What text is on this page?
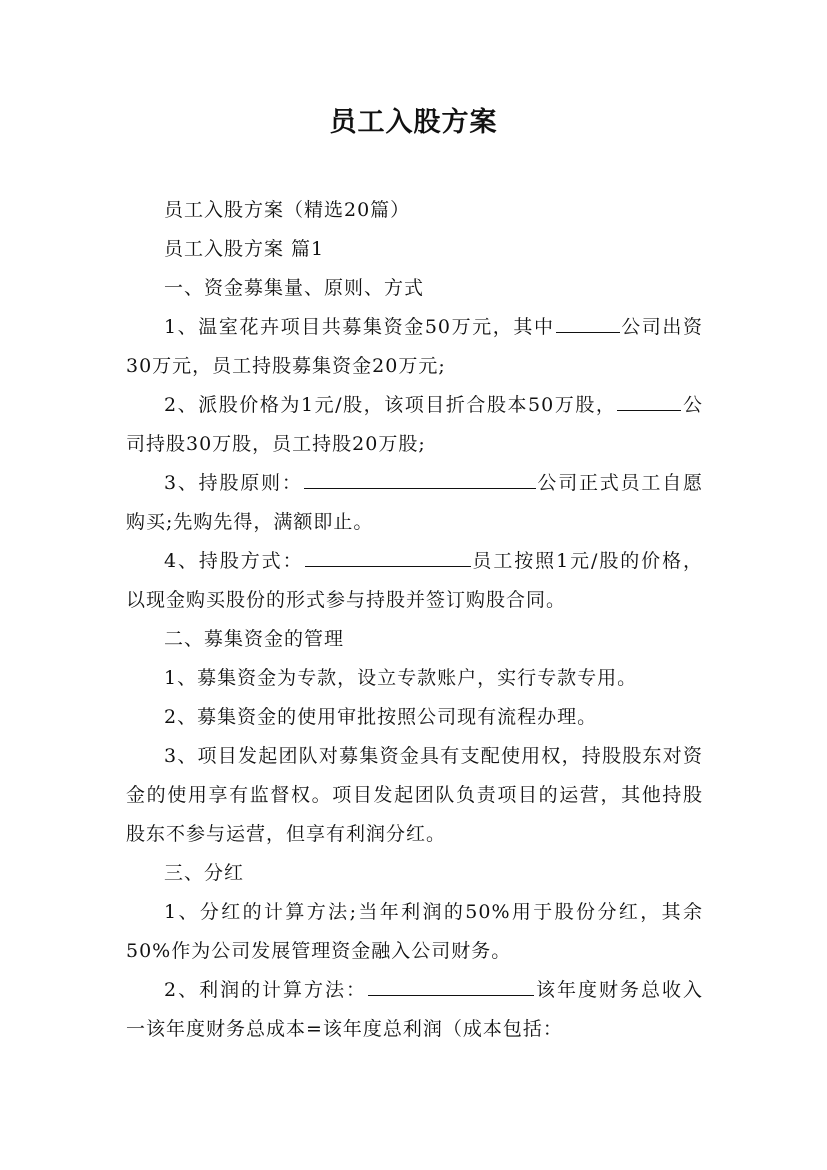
员工入股方案

员工入股方案（精选20篇）

员工入股方案 篇1

一、资金募集量、原则、方式

1、温室花卉项目共募集资金50万元，其中	公司出资30万元，员工持股募集资金20万元;

2、派股价格为1元/股，该项目折合股本50万股，	公司持股30万股，员工持股20万股;

3、持股原则：	公司正式员工自愿购买;先购先得，满额即止。

4、持股方式：	员工按照1元/股的价格，以现金购买股份的形式参与持股并签订购股合同。

二、募集资金的管理

1、募集资金为专款，设立专款账户，实行专款专用。

2、募集资金的使用审批按照公司现有流程办理。

3、项目发起团队对募集资金具有支配使用权，持股股东对资金的使用享有监督权。项目发起团队负责项目的运营，其他持股股东不参与运营，但享有利润分红。

三、分红

1、分红的计算方法;当年利润的50%用于股份分红，其余50%作为公司发展管理资金融入公司财务。

2、利润的计算方法：	该年度财务总收入一该年度财务总成本=该年度总利润（成本包括：
